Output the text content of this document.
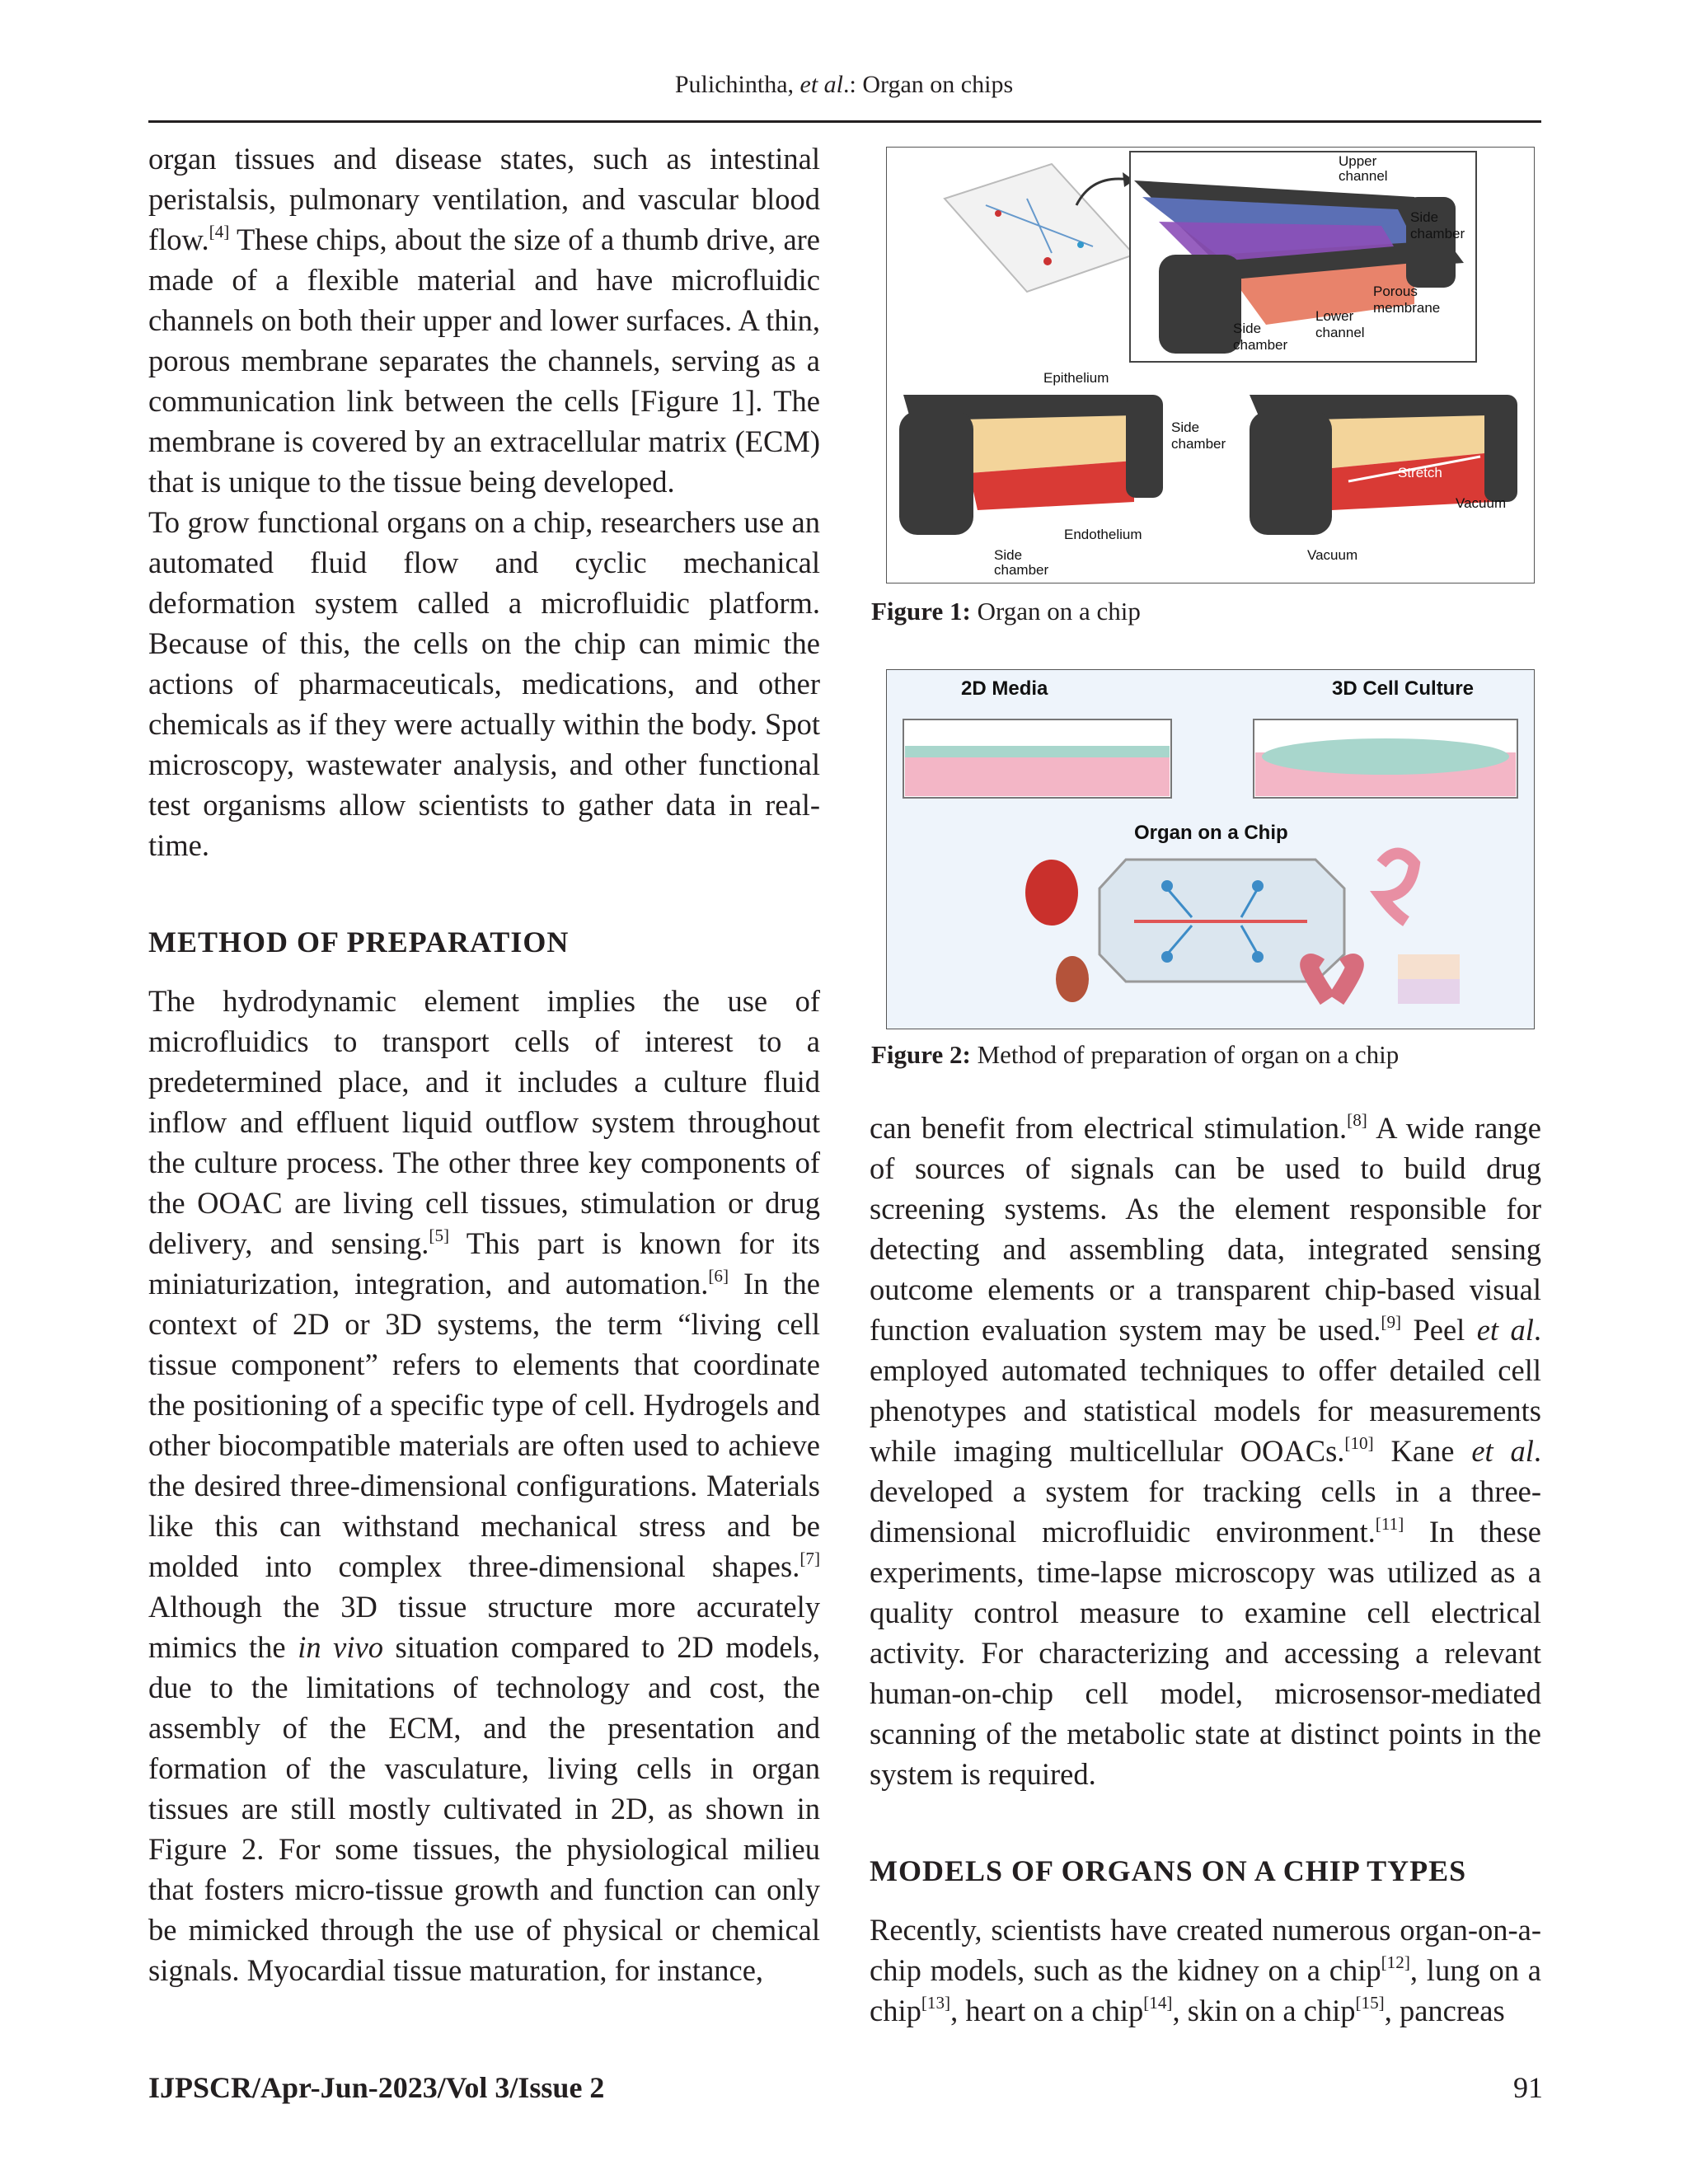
Pulichintha, et al.: Organ on chips

organ tissues and disease states, such as intestinal peristalsis, pulmonary ventilation, and vascular blood flow.[4] These chips, about the size of a thumb drive, are made of a flexible material and have microfluidic channels on both their upper and lower surfaces. A thin, porous membrane separates the channels, serving as a communication link between the cells [Figure 1]. The membrane is covered by an extracellular matrix (ECM) that is unique to the tissue being developed.

To grow functional organs on a chip, researchers use an automated fluid flow and cyclic mechanical deformation system called a microfluidic platform. Because of this, the cells on the chip can mimic the actions of pharmaceuticals, medications, and other chemicals as if they were actually within the body. Spot microscopy, wastewater analysis, and other functional test organisms allow scientists to gather data in real-time.

METHOD OF PREPARATION

The hydrodynamic element implies the use of microfluidics to transport cells of interest to a predetermined place, and it includes a culture fluid inflow and effluent liquid outflow system throughout the culture process. The other three key components of the OOAC are living cell tissues, stimulation or drug delivery, and sensing.[5] This part is known for its miniaturization, integration, and automation.[6] In the context of 2D or 3D systems, the term “living cell tissue component” refers to elements that coordinate the positioning of a specific type of cell. Hydrogels and other biocompatible materials are often used to achieve the desired three-dimensional configurations. Materials like this can withstand mechanical stress and be molded into complex three-dimensional shapes.[7] Although the 3D tissue structure more accurately mimics the in vivo situation compared to 2D models, due to the limitations of technology and cost, the assembly of the ECM, and the presentation and formation of the vasculature, living cells in organ tissues are still mostly cultivated in 2D, as shown in Figure 2. For some tissues, the physiological milieu that fosters micro-tissue growth and function can only be mimicked through the use of physical or chemical signals. Myocardial tissue maturation, for instance,

Upper
channel
Side
chamber
Porous
membrane
Lower
channel
Side
chamber
Epithelium
Side
chamber
Endothelium
Side
chamber
Stretch
Vacuum
Vacuum
Figure 1: Organ on a chip
2D Media	3D Cell Culture
Organ on a Chip
Figure 2: Method of preparation of organ on a chip

can benefit from electrical stimulation.[8] A wide range of sources of signals can be used to build drug screening systems. As the element responsible for detecting and assembling data, integrated sensing outcome elements or a transparent chip-based visual function evaluation system may be used.[9] Peel et al. employed automated techniques to offer detailed cell phenotypes and statistical models for measurements while imaging multicellular OOACs.[10] Kane et al. developed a system for tracking cells in a three-dimensional microfluidic environment.[11] In these experiments, time-lapse microscopy was utilized as a quality control measure to examine cell electrical activity. For characterizing and accessing a relevant human-on-chip cell model, microsensor-mediated scanning of the metabolic state at distinct points in the system is required.

MODELS OF ORGANS ON A CHIP TYPES

Recently, scientists have created numerous organ-on-a-chip models, such as the kidney on a chip[12], lung on a chip[13], heart on a chip[14], skin on a chip[15], pancreas

IJPSCR/Apr-Jun-2023/Vol 3/Issue 2	91
